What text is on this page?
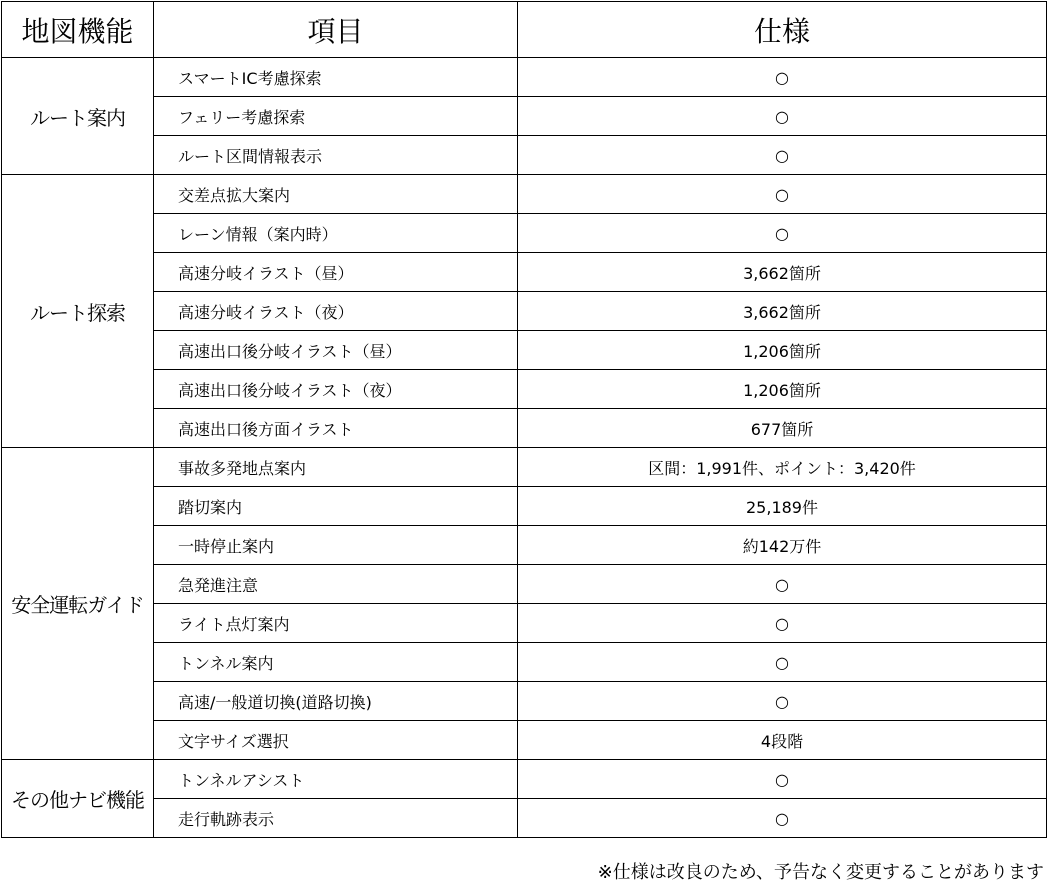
地図機能	項目	仕様
ルート案内	スマートIC考慮探索	○
	フェリー考慮探索	○
	ルート区間情報表示	○
ルート探索	交差点拡大案内	○
	レーン情報（案内時）	○
	高速分岐イラスト（昼）	3,662箇所
	高速分岐イラスト（夜）	3,662箇所
	高速出口後分岐イラスト（昼）	1,206箇所
	高速出口後分岐イラスト（夜）	1,206箇所
	高速出口後方面イラスト	677箇所
安全運転ガイド	事故多発地点案内	区間：1,991件、ポイント：3,420件
	踏切案内	25,189件
	一時停止案内	約142万件
	急発進注意	○
	ライト点灯案内	○
	トンネル案内	○
	高速/一般道切換(道路切換)	○
	文字サイズ選択	4段階
その他ナビ機能	トンネルアシスト	○
	走行軌跡表示	○
※仕様は改良のため、予告なく変更することがあります
